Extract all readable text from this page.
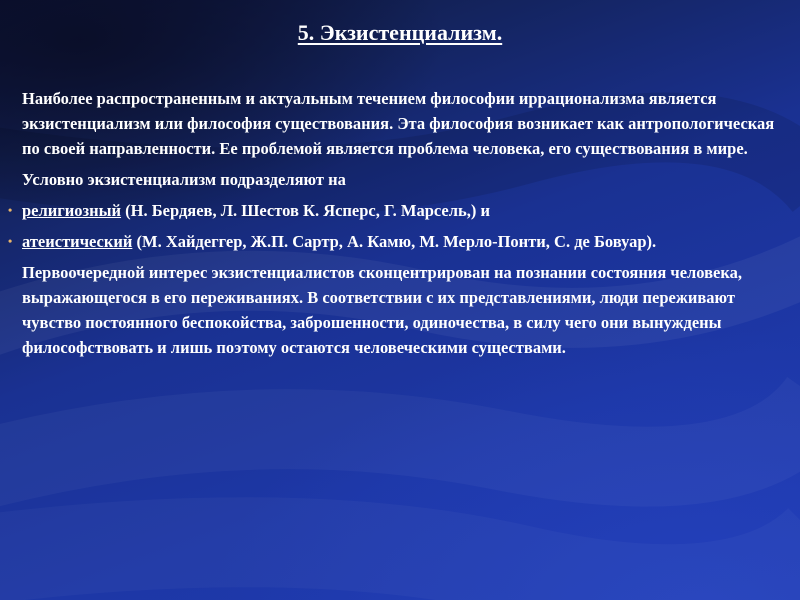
5. Экзистенциализм.

Наиболее распространенным и актуальным течением философии иррационализма является экзистенциализм или философия существования. Эта философия возникает как антропологическая по своей направленности. Ее проблемой является проблема человека, его существования в мире.

Условно экзистенциализм подразделяют на

• религиозный (Н. Бердяев, Л. Шестов К. Ясперс, Г. Марсель,) и
• атеистический (М. Хайдеггер, Ж.П. Сартр, А. Камю, М. Мерло-Понти, С. де Бовуар).

Первоочередной интерес экзистенциалистов сконцентрирован на познании состояния человека, выражающегося в его переживаниях. В соответствии с их представлениями, люди переживают чувство постоянного беспокойства, заброшенности, одиночества, в силу чего они вынуждены философствовать и лишь поэтому остаются человеческими существами.
